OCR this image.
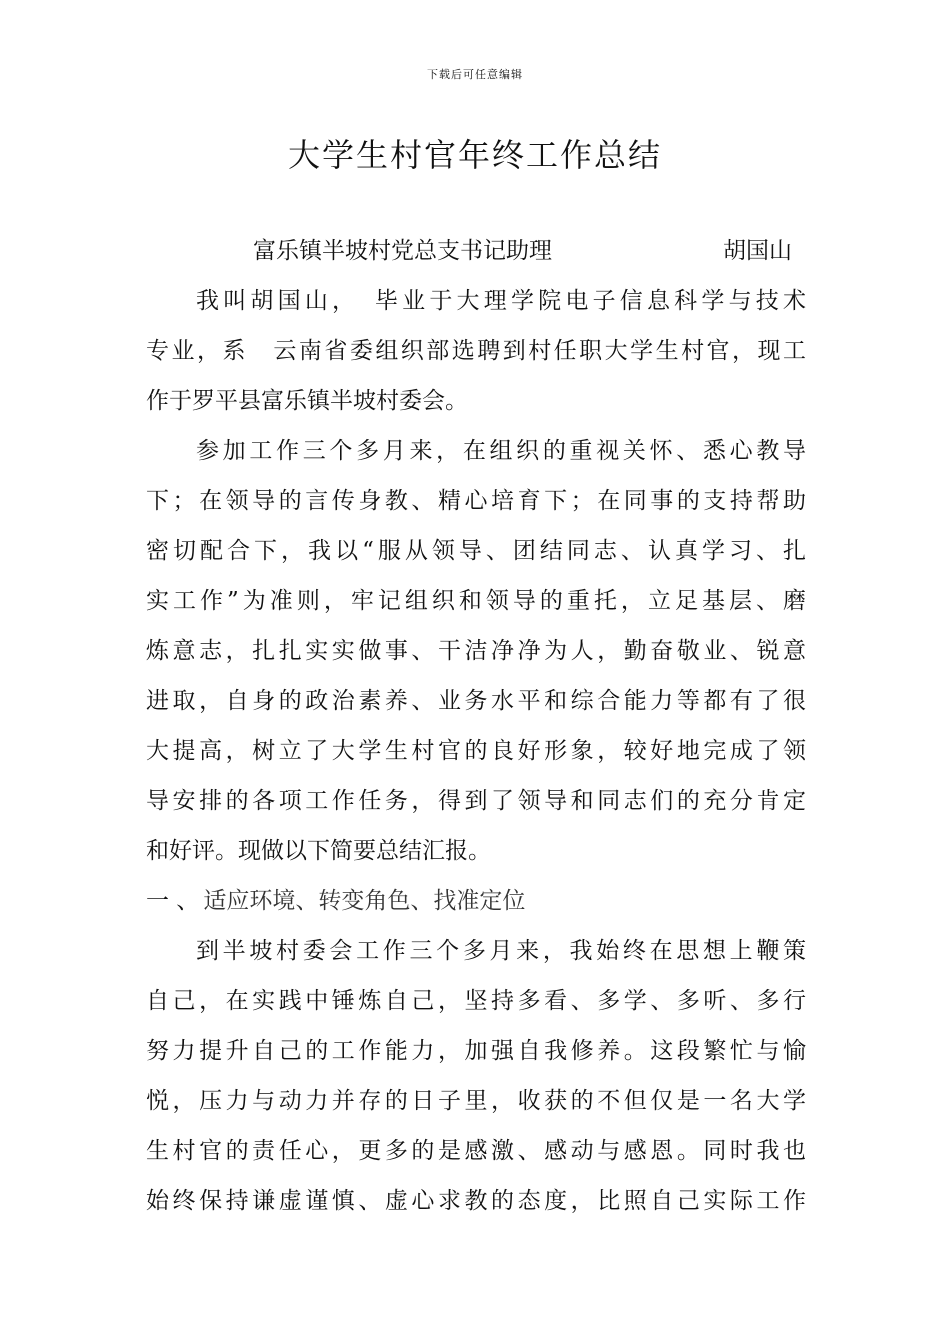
下载后可任意编辑
大学生村官年终工作总结
富乐镇半坡村党总支书记助理	胡国山
我叫胡国山，　毕业于大理学院电子信息科学与技术
专业，系　云南省委组织部选聘到村任职大学生村官，现工
作于罗平县富乐镇半坡村委会。
参加工作三个多月来，在组织的重视关怀、悉心教导
下；在领导的言传身教、精心培育下；在同事的支持帮助
密切配合下，我以“服从领导、团结同志、认真学习、扎
实工作”为准则，牢记组织和领导的重托，立足基层、磨
炼意志，扎扎实实做事、干洁净净为人，勤奋敬业、锐意
进取，自身的政治素养、业务水平和综合能力等都有了很
大提高，树立了大学生村官的良好形象，较好地完成了领
导安排的各项工作任务，得到了领导和同志们的充分肯定
和好评。现做以下简要总结汇报。
一 、 适应环境、转变角色、找准定位
到半坡村委会工作三个多月来，我始终在思想上鞭策
自己，在实践中锤炼自己，坚持多看、多学、多听、多行
努力提升自己的工作能力，加强自我修养。这段繁忙与愉
悦，压力与动力并存的日子里，收获的不但仅是一名大学
生村官的责任心，更多的是感激、感动与感恩。同时我也
始终保持谦虚谨慎、虚心求教的态度，比照自己实际工作
